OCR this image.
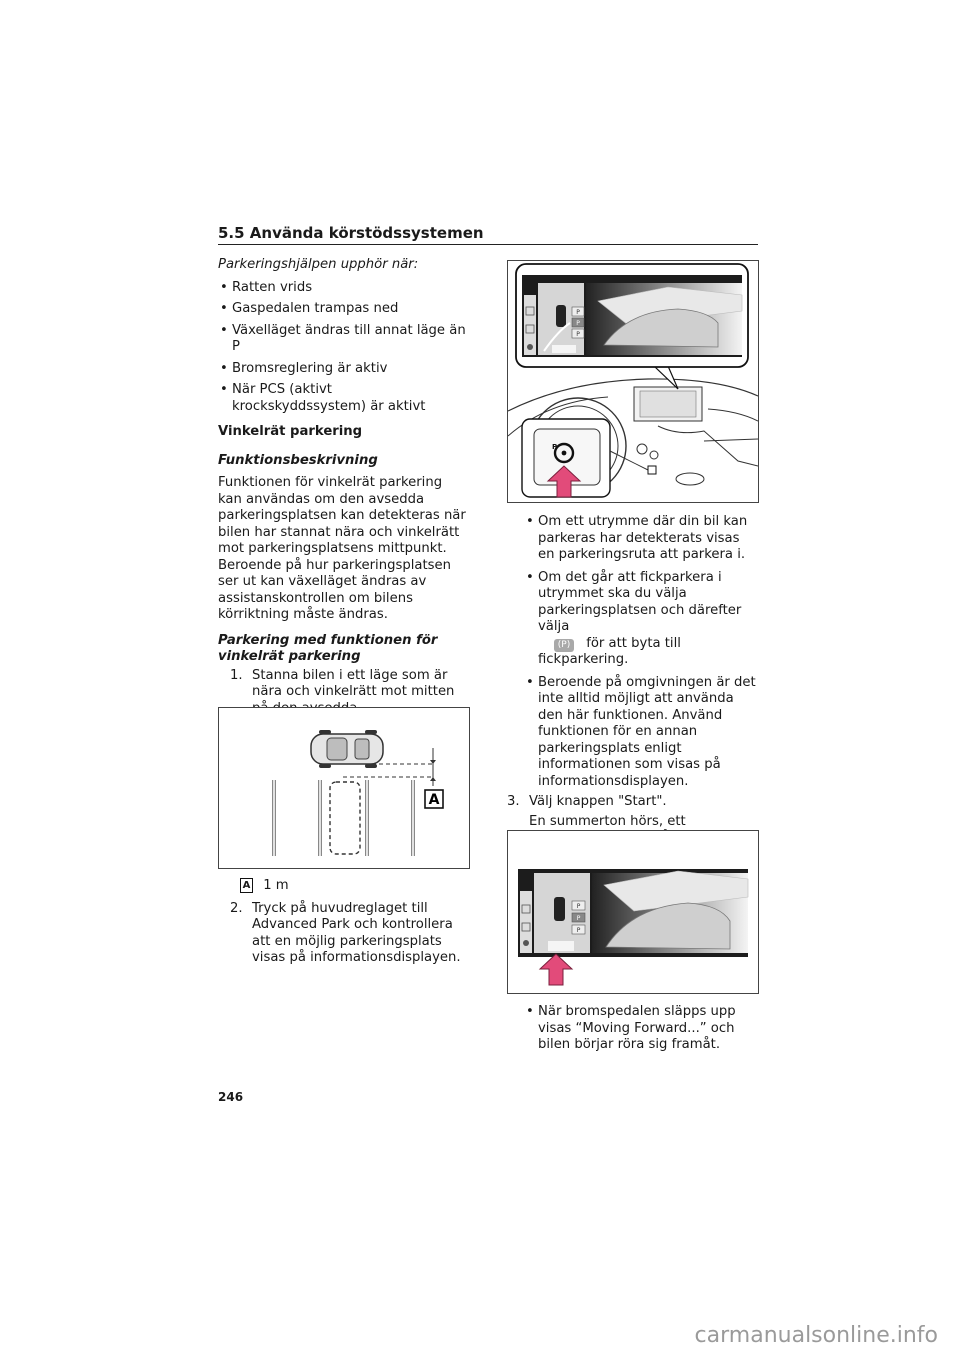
5.5 Använda körstödssystemen
Parkeringshjälpen upphör när:
• Ratten vrids
• Gaspedalen trampas ned
• Växelläget ändras till annat läge än P
• Bromsreglering är aktiv
• När PCS (aktivt krockskyddssystem) är aktivt
Vinkelrät parkering
Funktionsbeskrivning
Funktionen för vinkelrät parkering kan användas om den avsedda parkeringsplatsen kan detekteras när bilen har stannat nära och vinkelrätt mot parkeringsplatsens mittpunkt. Beroende på hur parkeringsplatsen ser ut kan växelläget ändras av assistanskontrollen om bilens körriktning måste ändras.
Parkering med funktionen för vinkelrät parkering
1. Stanna bilen i ett läge som är nära och vinkelrätt mot mitten
A
A 1 m
2. Tryck på huvudreglaget till Advanced Park och kontrollera att en möjlig parkeringsplats visas på informationsdisplayen.
P
P
P
P
• Om ett utrymme där din bil kan parkeras har detekterats visas en parkeringsruta att parkera i.
• Om det går att fickparkera i utrymmet ska du välja parkeringsplatsen och därefter välja
(P) för att byta till fickparkering.
• Beroende på omgivningen är det inte alltid möjligt att använda den här funktionen. Använd funktionen för en annan parkeringsplats enligt informationen som visas på informationsdisplayen.
3. Välj knappen "Start".
En summerton hörs, ett
P
P
P
• När bromspedalen släpps upp visas “Moving Forward...” och bilen börjar röra sig framåt.
246
carmanualsonline.info
